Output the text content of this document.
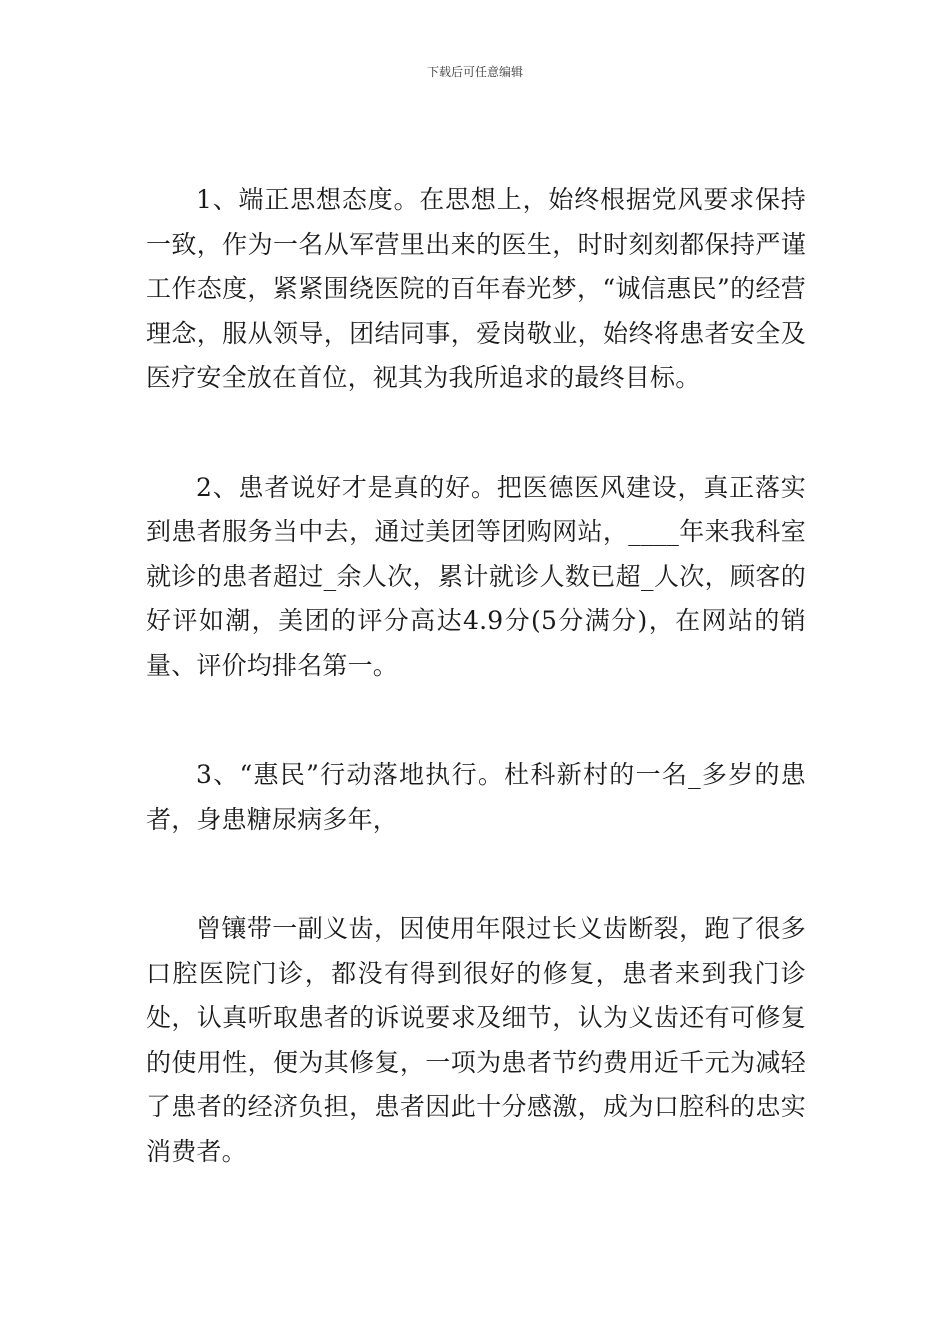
下载后可任意编辑

1、端正思想态度。在思想上，始终根据党风要求保持一致，作为一名从军营里出来的医生，时时刻刻都保持严谨工作态度，紧紧围绕医院的百年春光梦，“诚信惠民”的经营理念，服从领导，团结同事，爱岗敬业，始终将患者安全及医疗安全放在首位，视其为我所追求的最终目标。

2、患者说好才是真的好。把医德医风建设，真正落实到患者服务当中去，通过美团等团购网站，____年来我科室就诊的患者超过_余人次，累计就诊人数已超_人次，顾客的好评如潮，美团的评分高达4.9分(5分满分)，在网站的销量、评价均排名第一。

3、“惠民”行动落地执行。杜科新村的一名_多岁的患者，身患糖尿病多年，

曾镶带一副义齿，因使用年限过长义齿断裂，跑了很多口腔医院门诊，都没有得到很好的修复，患者来到我门诊处，认真听取患者的诉说要求及细节，认为义齿还有可修复的使用性，便为其修复，一项为患者节约费用近千元为减轻了患者的经济负担，患者因此十分感激，成为口腔科的忠实消费者。
